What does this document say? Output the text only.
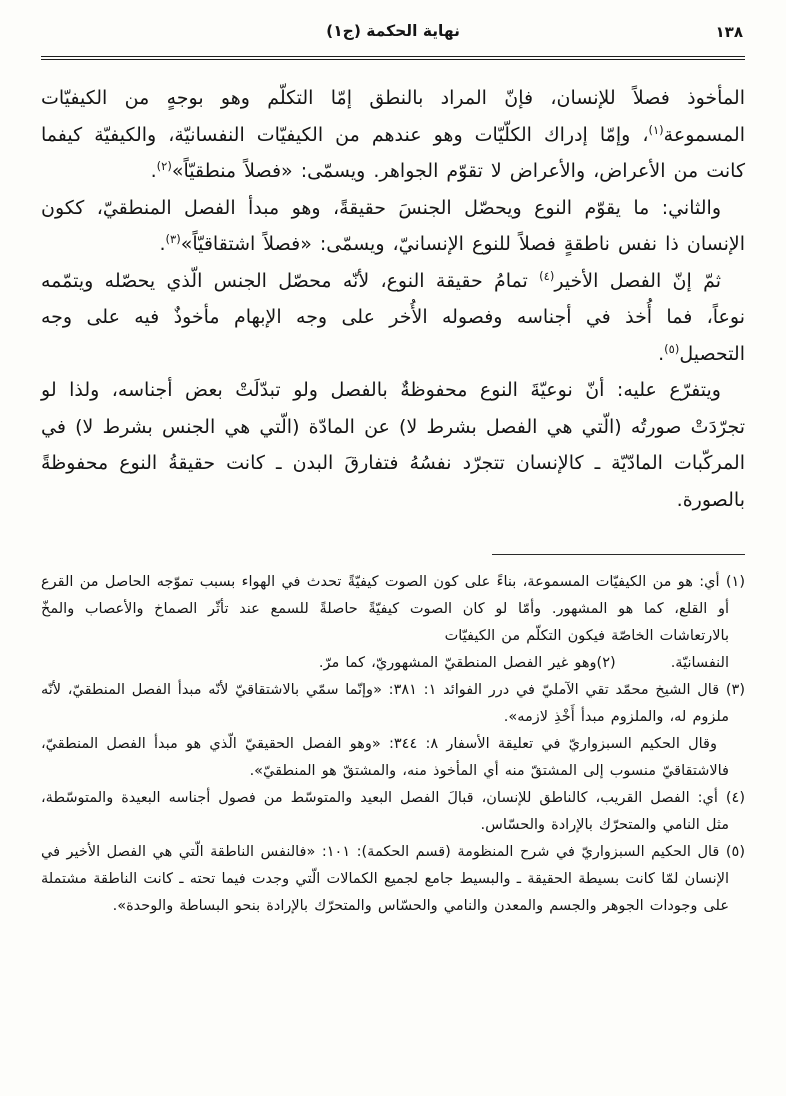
نهاية الحكمة (ج١)	١٣٨

المأخوذ فصلاً للإنسان، فإنّ المراد بالنطق إمّا التكلّم وهو بوجهٍ من الكيفيّات المسموعة$^{(١)}$، وإمّا إدراك الكلّيّات وهو عندهم من الكيفيّات النفسانيّة، والكيفيّة كيفما كانت من الأعراض، والأعراض لا تقوّم الجواهر. ويسمّى: «فصلاً منطقيّاً»$^{(٢)}$.

والثاني: ما يقوّم النوع ويحصّل الجنسَ حقيقةً، وهو مبدأ الفصل المنطقيّ، ككون الإنسان ذا نفس ناطقةٍ فصلاً للنوع الإنسانيّ، ويسمّى: «فصلاً اشتقاقيّاً»$^{(٣)}$.

ثمّ إنّ الفصل الأخير$^{(٤)}$ تمامُ حقيقة النوع، لأنّه محصّل الجنس الّذي يحصّله ويتمّمه نوعاً، فما أُخذ في أجناسه وفصوله الأُخر على وجه الإبهام مأخوذٌ فيه على وجه التحصيل$^{(٥)}$.

ويتفرّع عليه: أنّ نوعيّةَ النوع محفوظةٌ بالفصل ولو تبدّلَتْ بعض أجناسه، ولذا لو تجرّدَتْ صورتُه (الّتي هي الفصل بشرط لا) عن المادّة (الّتي هي الجنس بشرط لا) في المركّبات المادّيّة ـ كالإنسان تتجرّد نفسُهُ فتفارقَ البدن ـ كانت حقيقةُ النوع محفوظةً بالصورة.

(١) أي: هو من الكيفيّات المسموعة، بناءً على كون الصوت كيفيّةً تحدث في الهواء بسبب تموّجه الحاصل من القرع أو القلع، كما هو المشهور. وأمّا لو كان الصوت كيفيّةً حاصلةً للسمع عند تأثّر الصماخ والأعصاب والمخّ بالارتعاشات الخاصّة فيكون التكلّم من الكيفيّات

النفسانيّة.
(٢)وهو غير الفصل المنطقيّ المشهوريّ، كما مرّ.

(٣) قال الشيخ محمّد تقي الآمليّ في درر الفوائد ١: ٣٨١: «وإنّما سمّي بالاشتقاقيّ لأنّه مبدأ الفصل المنطقيّ، لأنّه ملزوم له، والملزوم مبدأ أَخْذِ لازمه».

وقال الحكيم السبزواريّ في تعليقة الأسفار ٨: ٣٤٤: «وهو الفصل الحقيقيّ الّذي هو مبدأ الفصل المنطقيّ، فالاشتقاقيّ منسوب إلى المشتقّ منه أي المأخوذ منه، والمشتقّ هو المنطقيّ».

(٤) أي: الفصل القريب، كالناطق للإنسان، قبالَ الفصل البعيد والمتوسّط من فصول أجناسه البعيدة والمتوسّطة، مثل النامي والمتحرّك بالإرادة والحسّاس.

(٥) قال الحكيم السبزواريّ في شرح المنظومة (قسم الحكمة): ١٠١: «فالنفس الناطقة الّتي هي الفصل الأخير في الإنسان لمّا كانت بسيطة الحقيقة ـ والبسيط جامع لجميع الكمالات الّتي وجدت فيما تحته ـ كانت الناطقة مشتملة على وجودات الجوهر والجسم والمعدن والنامي والحسّاس والمتحرّك بالإرادة بنحو البساطة والوحدة».
